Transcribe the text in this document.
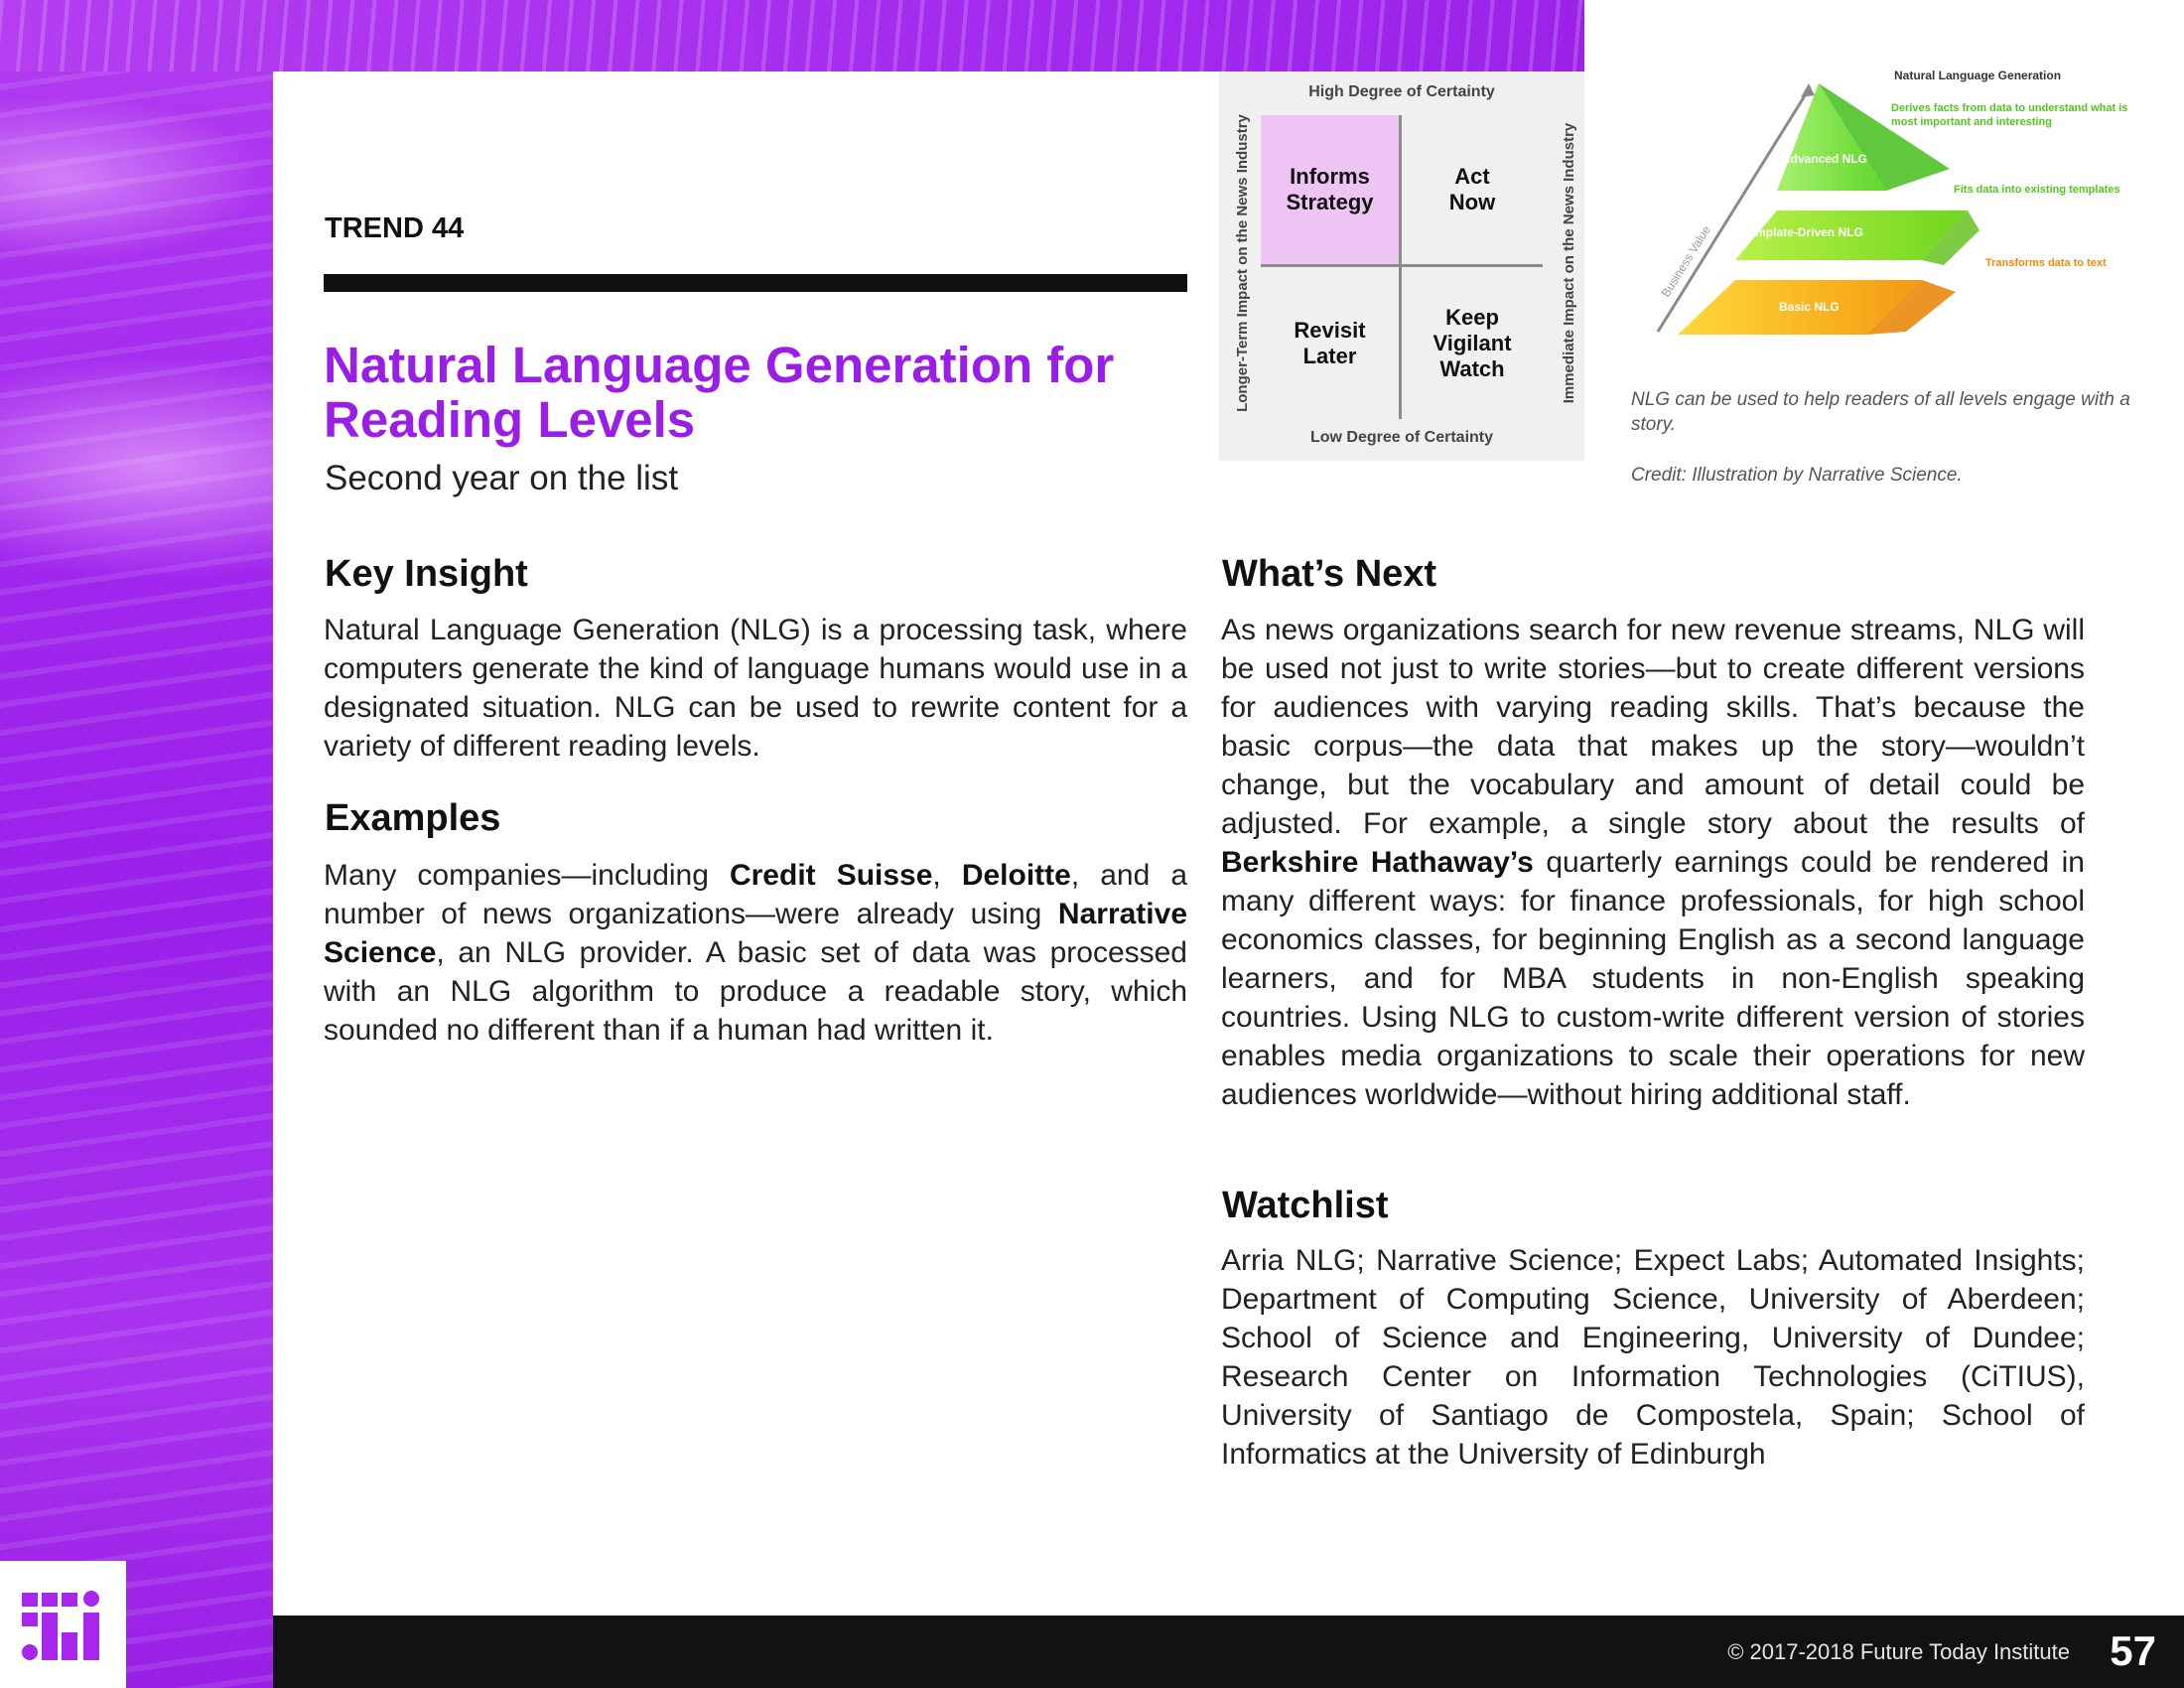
TREND 44
Natural Language Generation for Reading Levels
Second year on the list
High Degree of Certainty
Longer-Term Impact on the News Industry	Immediate Impact on the News Industry
Informs Strategy
Act Now
Revisit Later
Keep Vigilant Watch
Low Degree of Certainty
Natural Language Generation
Business Value
Advanced NLG
Template-Driven NLG
Basic NLG
Derives facts from data to understand what is most important and interesting
Fits data into existing templates
Transforms data to text
NLG can be used to help readers of all levels engage with a story.
Credit: Illustration by Narrative Science.
Key Insight
Natural Language Generation (NLG) is a processing task, where computers generate the kind of language humans would use in a designated situation. NLG can be used to rewrite content for a variety of different reading levels.
Examples
Many companies—including Credit Suisse, Deloitte, and a number of news organizations—were already using Narrative Science, an NLG provider. A basic set of data was processed with an NLG algorithm to produce a readable story, which sounded no different than if a human had written it.
What’s Next
As news organizations search for new revenue streams, NLG will be used not just to write stories—but to create different versions for audiences with varying reading skills. That’s because the basic corpus—the data that makes up the story—wouldn’t change, but the vocabulary and amount of detail could be adjusted. For example, a single story about the results of Berkshire Hathaway’s quarterly earnings could be rendered in many different ways: for finance professionals, for high school economics classes, for beginning English as a second language learners, and for MBA students in non-English speaking countries. Using NLG to custom-write different version of stories enables media organizations to scale their operations for new audiences worldwide—without hiring additional staff.
Watchlist
Arria NLG; Narrative Science; Expect Labs; Automated Insights; Department of Computing Science, University of Aberdeen; School of Science and Engineering, University of Dundee; Research Center on Information Technologies (CiTIUS), University of Santiago de Compostela, Spain; School of Informatics at the University of Edinburgh
© 2017-2018 Future Today Institute 57
